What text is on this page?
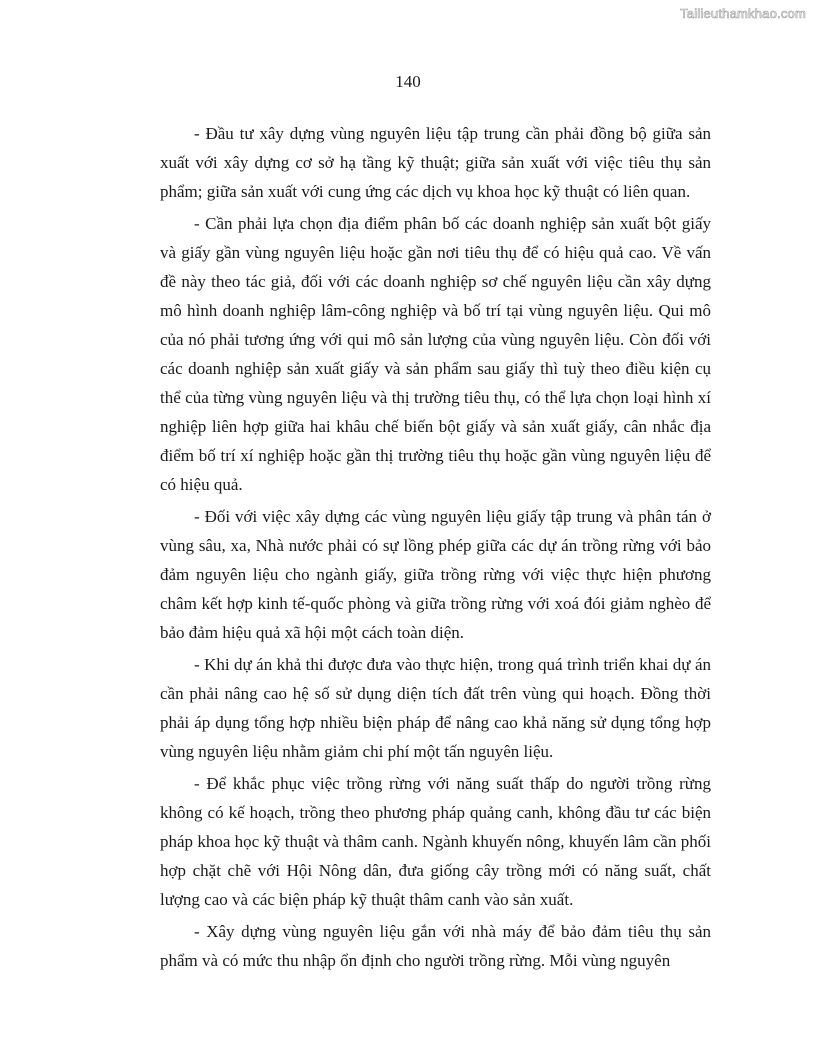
Tailieuthamkhao.com
140

- Đầu tư xây dựng vùng nguyên liệu tập trung cần phải đồng bộ giữa sản xuất với xây dựng cơ sở hạ tầng kỹ thuật; giữa sản xuất với việc tiêu thụ sản phẩm; giữa sản xuất với cung ứng các dịch vụ khoa học kỹ thuật có liên quan.

- Cần phải lựa chọn địa điểm phân bố các doanh nghiệp sản xuất bột giấy và giấy gần vùng nguyên liệu hoặc gần nơi tiêu thụ để có hiệu quả cao. Về vấn đề này theo tác giả, đối với các doanh nghiệp sơ chế nguyên liệu cần xây dựng mô hình doanh nghiệp lâm-công nghiệp và bố trí tại vùng nguyên liệu. Qui mô của nó phải tương ứng với qui mô sản lượng của vùng nguyên liệu. Còn đối với các doanh nghiệp sản xuất giấy và sản phẩm sau giấy thì tuỳ theo điều kiện cụ thể của từng vùng nguyên liệu và thị trường tiêu thụ, có thể lựa chọn loại hình xí nghiệp liên hợp giữa hai khâu chế biến bột giấy và sản xuất giấy, cân nhắc địa điểm bố trí xí nghiệp hoặc gần thị trường tiêu thụ hoặc gần vùng nguyên liệu để có hiệu quả.

- Đối với việc xây dựng các vùng nguyên liệu giấy tập trung và phân tán ở vùng sâu, xa, Nhà nước phải có sự lồng phép giữa các dự án trồng rừng với bảo đảm nguyên liệu cho ngành giấy, giữa trồng rừng với việc thực hiện phương châm kết hợp kinh tế-quốc phòng và giữa trồng rừng với xoá đói giảm nghèo để bảo đảm hiệu quả xã hội một cách toàn diện.

- Khi dự án khả thi được đưa vào thực hiện, trong quá trình triển khai dự án cần phải nâng cao hệ số sử dụng diện tích đất trên vùng qui hoạch. Đồng thời phải áp dụng tổng hợp nhiều biện pháp để nâng cao khả năng sử dụng tổng hợp vùng nguyên liệu nhằm giảm chi phí một tấn nguyên liệu.

- Để khắc phục việc trồng rừng với năng suất thấp do người trồng rừng không có kế hoạch, trồng theo phương pháp quảng canh, không đầu tư các biện pháp khoa học kỹ thuật và thâm canh. Ngành khuyến nông, khuyến lâm cần phối hợp chặt chẽ với Hội Nông dân, đưa giống cây trồng mới có năng suất, chất lượng cao và các biện pháp kỹ thuật thâm canh vào sản xuất.

- Xây dựng vùng nguyên liệu gắn với nhà máy để bảo đảm tiêu thụ sản phẩm và có mức thu nhập ổn định cho người trồng rừng. Mỗi vùng nguyên
